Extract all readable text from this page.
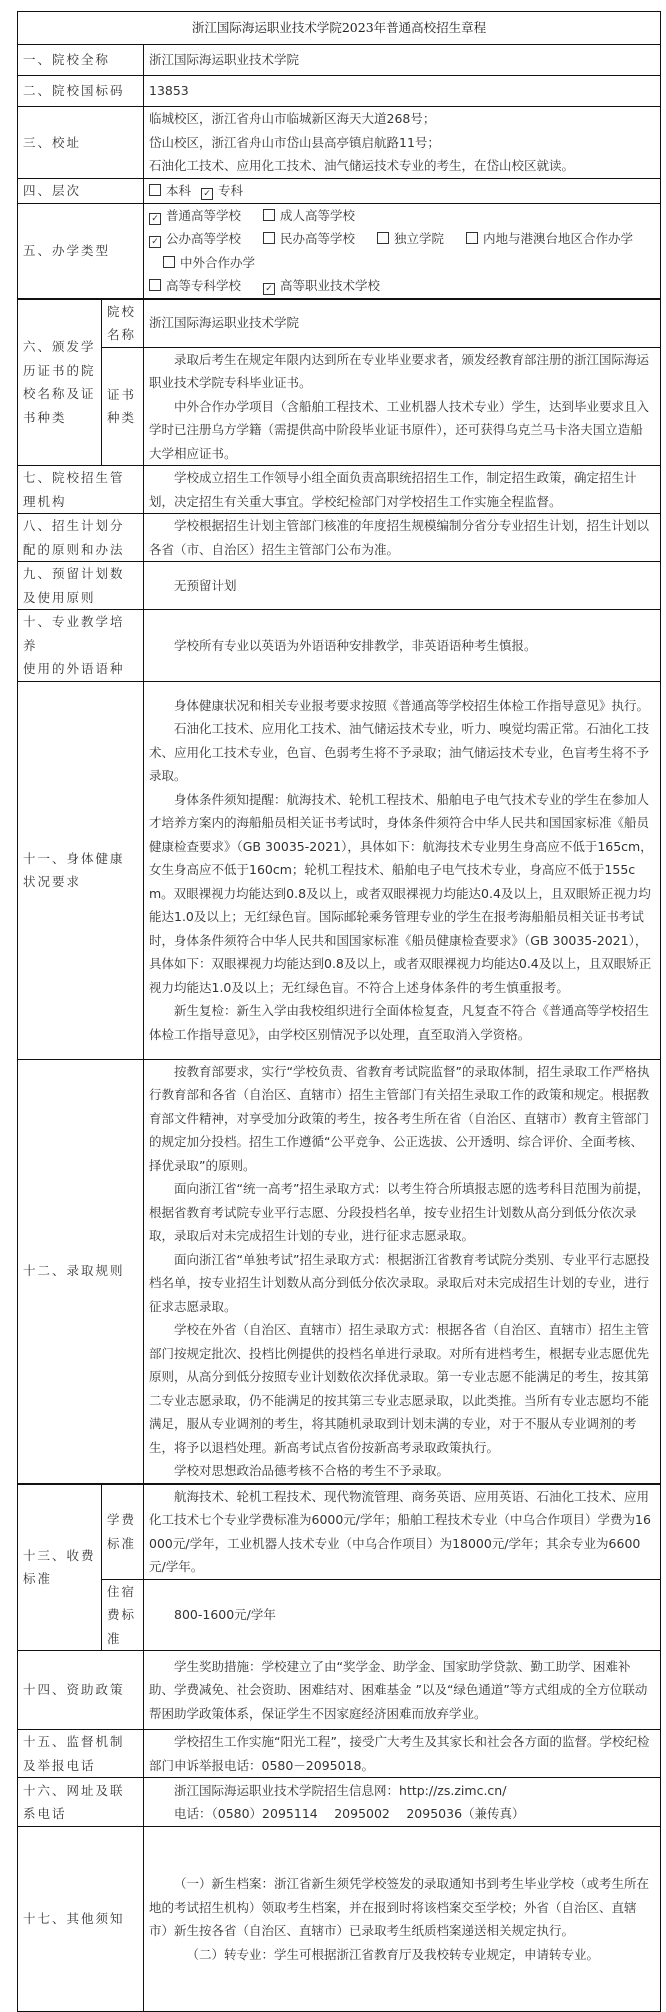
浙江国际海运职业技术学院2023年普通高校招生章程		
一、院校全称		浙江国际海运职业技术学院
二、院校国标码		13853
三、校址		临城校区，浙江省舟山市临城新区海天大道268号；

岱山校区，浙江省舟山市岱山县高亭镇启航路11号；

石油化工技术、应用化工技术、油气储运技术专业的考生，在岱山校区就读。

四、层次		本科 ✓ 专科
五、办学类型		✓ 普通高等学校 成人高等学校
✓ 公办高等学校 民办高等学校 独立学院 内地与港澳台地区合作办学 中外合作办学
高等专科学校 ✓ 高等职业技术学校

六、颁发学历证书的院校名称及证书种类	院校名称	浙江国际海运职业技术学院
	证书种类	录取后考生在规定年限内达到所在专业毕业要求者，颁发经教育部注册的浙江国际海运职业技术学院专科毕业证书。

中外合作办学项目（含船舶工程技术、工业机器人技术专业）学生，达到毕业要求且入学时已注册乌方学籍（需提供高中阶段毕业证书原件），还可获得乌克兰马卡洛夫国立造船大学相应证书。

七、院校招生管理机构		学校成立招生工作领导小组全面负责高职统招招生工作，制定招生政策，确定招生计划，决定招生有关重大事宜。学校纪检部门对学校招生工作实施全程监督。

八、招生计划分配的原则和办法		学校根据招生计划主管部门核准的年度招生规模编制分省分专业招生计划，招生计划以各省（市、自治区）招生主管部门公布为准。

九、预留计划数及使用原则		无预留计划

十、专业教学培养

使用的外语语种		学校所有专业以英语为外语语种安排教学，非英语语种考生慎报。

十一、身体健康状况要求		身体健康状况和相关专业报考要求按照《普通高等学校招生体检工作指导意见》执行。

石油化工技术、应用化工技术、油气储运技术专业，听力、嗅觉均需正常。石油化工技术、应用化工技术专业，色盲、色弱考生将不予录取；油气储运技术专业，色盲考生将不予录取。

身体条件须知提醒：航海技术、轮机工程技术、船舶电子电气技术专业的学生在参加人才培养方案内的海船船员相关证书考试时，身体条件须符合中华人民共和国国家标准《船员健康检查要求》（GB 30035-2021），具体如下：航海技术专业男生身高应不低于165cm，女生身高应不低于160cm；轮机工程技术、船舶电子电气技术专业，身高应不低于155cm。双眼裸视力均能达到0.8及以上，或者双眼裸视力均能达0.4及以上，且双眼矫正视力均能达1.0及以上；无红绿色盲。国际邮轮乘务管理专业的学生在报考海船船员相关证书考试时，身体条件须符合中华人民共和国国家标准《船员健康检查要求》（GB 30035-2021），具体如下：双眼裸视力均能达到0.8及以上，或者双眼裸视力均能达0.4及以上，且双眼矫正视力均能达1.0及以上；无红绿色盲。不符合上述身体条件的考生慎重报考。

新生复检：新生入学由我校组织进行全面体检复查，凡复查不符合《普通高等学校招生体检工作指导意见》，由学校区别情况予以处理，直至取消入学资格。

十二、录取规则		按教育部要求，实行“学校负责、省教育考试院监督”的录取体制，招生录取工作严格执行教育部和各省（自治区、直辖市）招生主管部门有关招生录取工作的政策和规定。根据教育部文件精神，对享受加分政策的考生，按各考生所在省（自治区、直辖市）教育主管部门的规定加分投档。招生工作遵循“公平竞争、公正选拔、公开透明、综合评价、全面考核、择优录取”的原则。

面向浙江省“统一高考”招生录取方式：以考生符合所填报志愿的选考科目范围为前提，根据省教育考试院专业平行志愿、分段投档名单，按专业招生计划数从高分到低分依次录取，录取后对未完成招生计划的专业，进行征求志愿录取。

面向浙江省“单独考试”招生录取方式：根据浙江省教育考试院分类别、专业平行志愿投档名单，按专业招生计划数从高分到低分依次录取。录取后对未完成招生计划的专业，进行征求志愿录取。

学校在外省（自治区、直辖市）招生录取方式：根据各省（自治区、直辖市）招生主管部门按规定批次、投档比例提供的投档名单进行录取。对所有进档考生，根据专业志愿优先原则，从高分到低分按照专业计划数依次择优录取。第一专业志愿不能满足的考生，按其第二专业志愿录取，仍不能满足的按其第三专业志愿录取，以此类推。当所有专业志愿均不能满足，服从专业调剂的考生，将其随机录取到计划未满的专业，对于不服从专业调剂的考生，将予以退档处理。新高考试点省份按新高考录取政策执行。

学校对思想政治品德考核不合格的考生不予录取。

十三、收费标准	学费标准	航海技术、轮机工程技术、现代物流管理、商务英语、应用英语、石油化工技术、应用化工技术七个专业学费标准为6000元/学年；船舶工程技术专业（中乌合作项目）学费为16000元/学年，工业机器人技术专业（中乌合作项目）为18000元/学年；其余专业为6600元/学年。

	住宿费标准	800-1600元/学年

十四、资助政策		学生奖助措施：学校建立了由“奖学金、助学金、国家助学贷款、勤工助学、困难补助、学费减免、社会资助、困难结对、困难基金 ”以及“绿色通道”等方式组成的全方位联动帮困助学政策体系，保证学生不因家庭经济困难而放弃学业。

十五、监督机制及举报电话		学校招生工作实施“阳光工程”，接受广大考生及其家长和社会各方面的监督。学校纪检部门申诉举报电话：0580－2095018。

十六、网址及联系电话		浙江国际海运职业技术学院招生信息网：http://zs.zimc.cn/

电话：（0580）2095114　 2095002　 2095036（兼传真）

十七、其他须知		（一）新生档案：浙江省新生须凭学校签发的录取通知书到考生毕业学校（或考生所在地的考试招生机构）领取考生档案，并在报到时将该档案交至学校；外省（自治区、直辖市）新生按各省（自治区、直辖市）已录取考生纸质档案递送相关规定执行。

（二）转专业：学生可根据浙江省教育厅及我校转专业规定，申请转专业。
